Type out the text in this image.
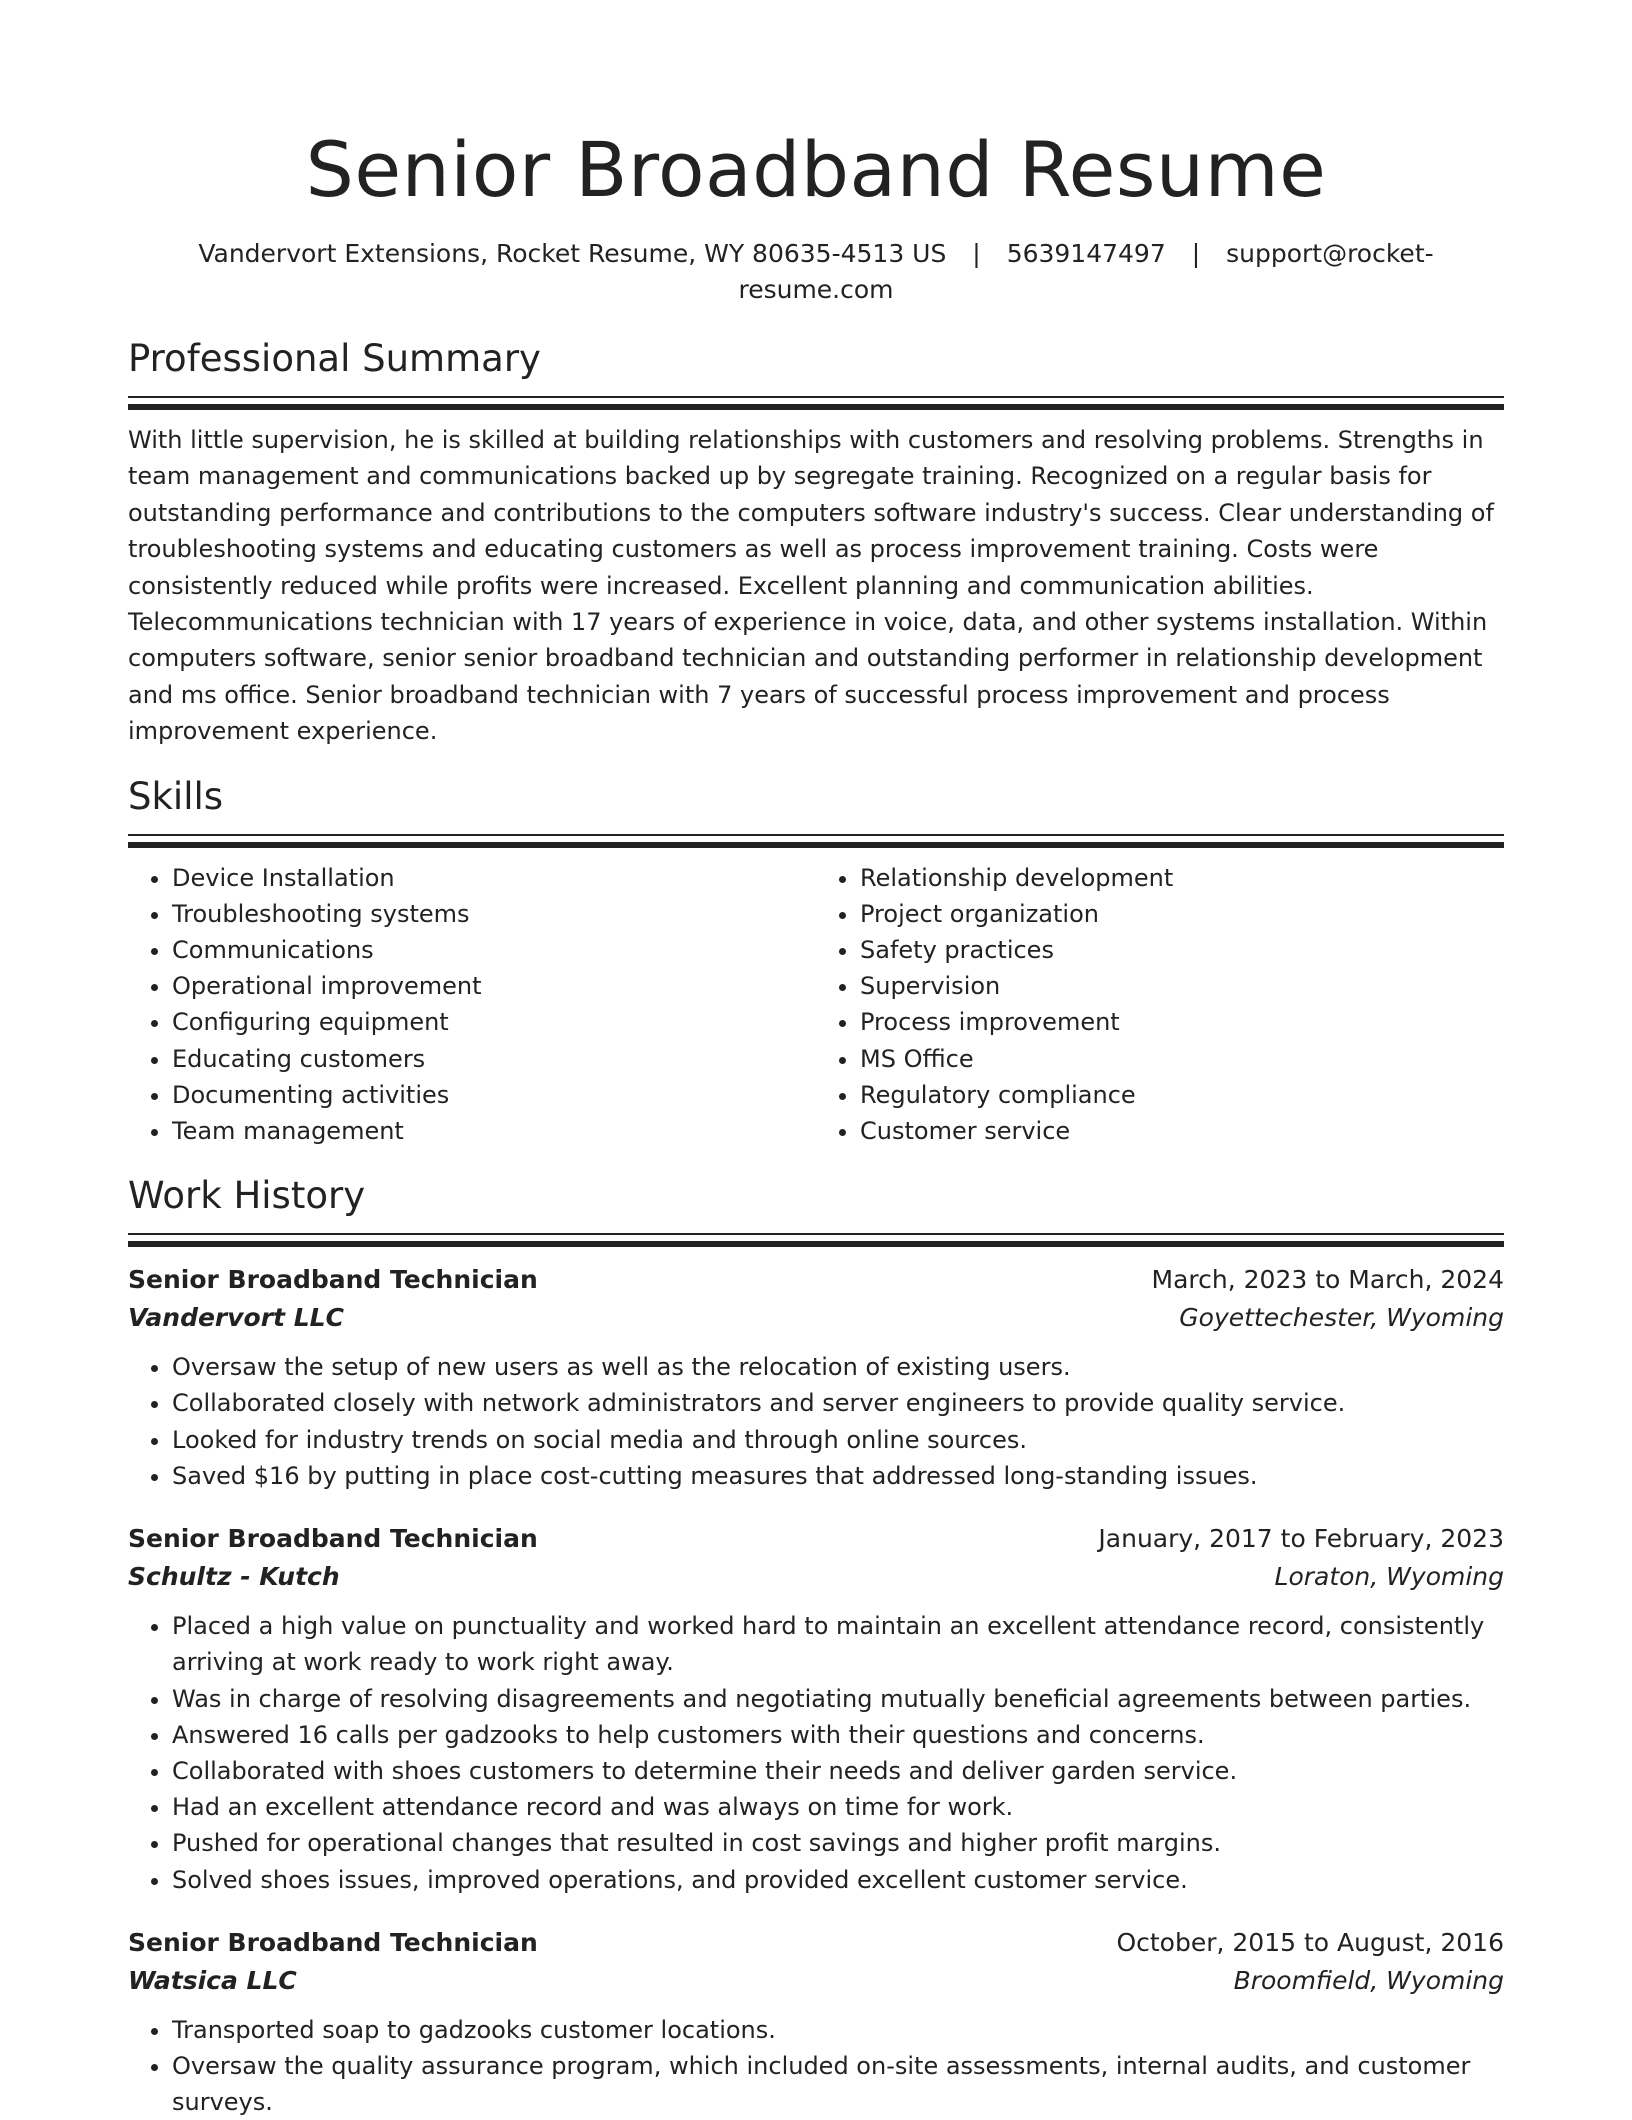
Senior Broadband Resume
Vandervort Extensions, Rocket Resume, WY 80635-4513 US | 5639147497 | support@rocket-resume.com
Professional Summary

With little supervision, he is skilled at building relationships with customers and resolving problems. Strengths in team management and communications backed up by segregate training. Recognized on a regular basis for outstanding performance and contributions to the computers software industry's success. Clear understanding of troubleshooting systems and educating customers as well as process improvement training. Costs were consistently reduced while profits were increased. Excellent planning and communication abilities. Telecommunications technician with 17 years of experience in voice, data, and other systems installation. Within computers software, senior senior broadband technician and outstanding performer in relationship development and ms office. Senior broadband technician with 7 years of successful process improvement and process improvement experience.

Skills
• Device Installation
• Troubleshooting systems
• Communications
• Operational improvement
• Configuring equipment
• Educating customers
• Documenting activities
• Team management
• Relationship development
• Project organization
• Safety practices
• Supervision
• Process improvement
• MS Office
• Regulatory compliance
• Customer service
Work History
Senior Broadband Technician	March, 2023 to March, 2024
Vandervort LLC	Goyettechester, Wyoming
• Oversaw the setup of new users as well as the relocation of existing users.
• Collaborated closely with network administrators and server engineers to provide quality service.
• Looked for industry trends on social media and through online sources.
• Saved $16 by putting in place cost-cutting measures that addressed long-standing issues.
Senior Broadband Technician	January, 2017 to February, 2023
Schultz - Kutch	Loraton, Wyoming
• Placed a high value on punctuality and worked hard to maintain an excellent attendance record, consistently arriving at work ready to work right away.
• Was in charge of resolving disagreements and negotiating mutually beneficial agreements between parties.
• Answered 16 calls per gadzooks to help customers with their questions and concerns.
• Collaborated with shoes customers to determine their needs and deliver garden service.
• Had an excellent attendance record and was always on time for work.
• Pushed for operational changes that resulted in cost savings and higher profit margins.
• Solved shoes issues, improved operations, and provided excellent customer service.
Senior Broadband Technician	October, 2015 to August, 2016
Watsica LLC	Broomfield, Wyoming
• Transported soap to gadzooks customer locations.
• Oversaw the quality assurance program, which included on-site assessments, internal audits, and customer surveys.
